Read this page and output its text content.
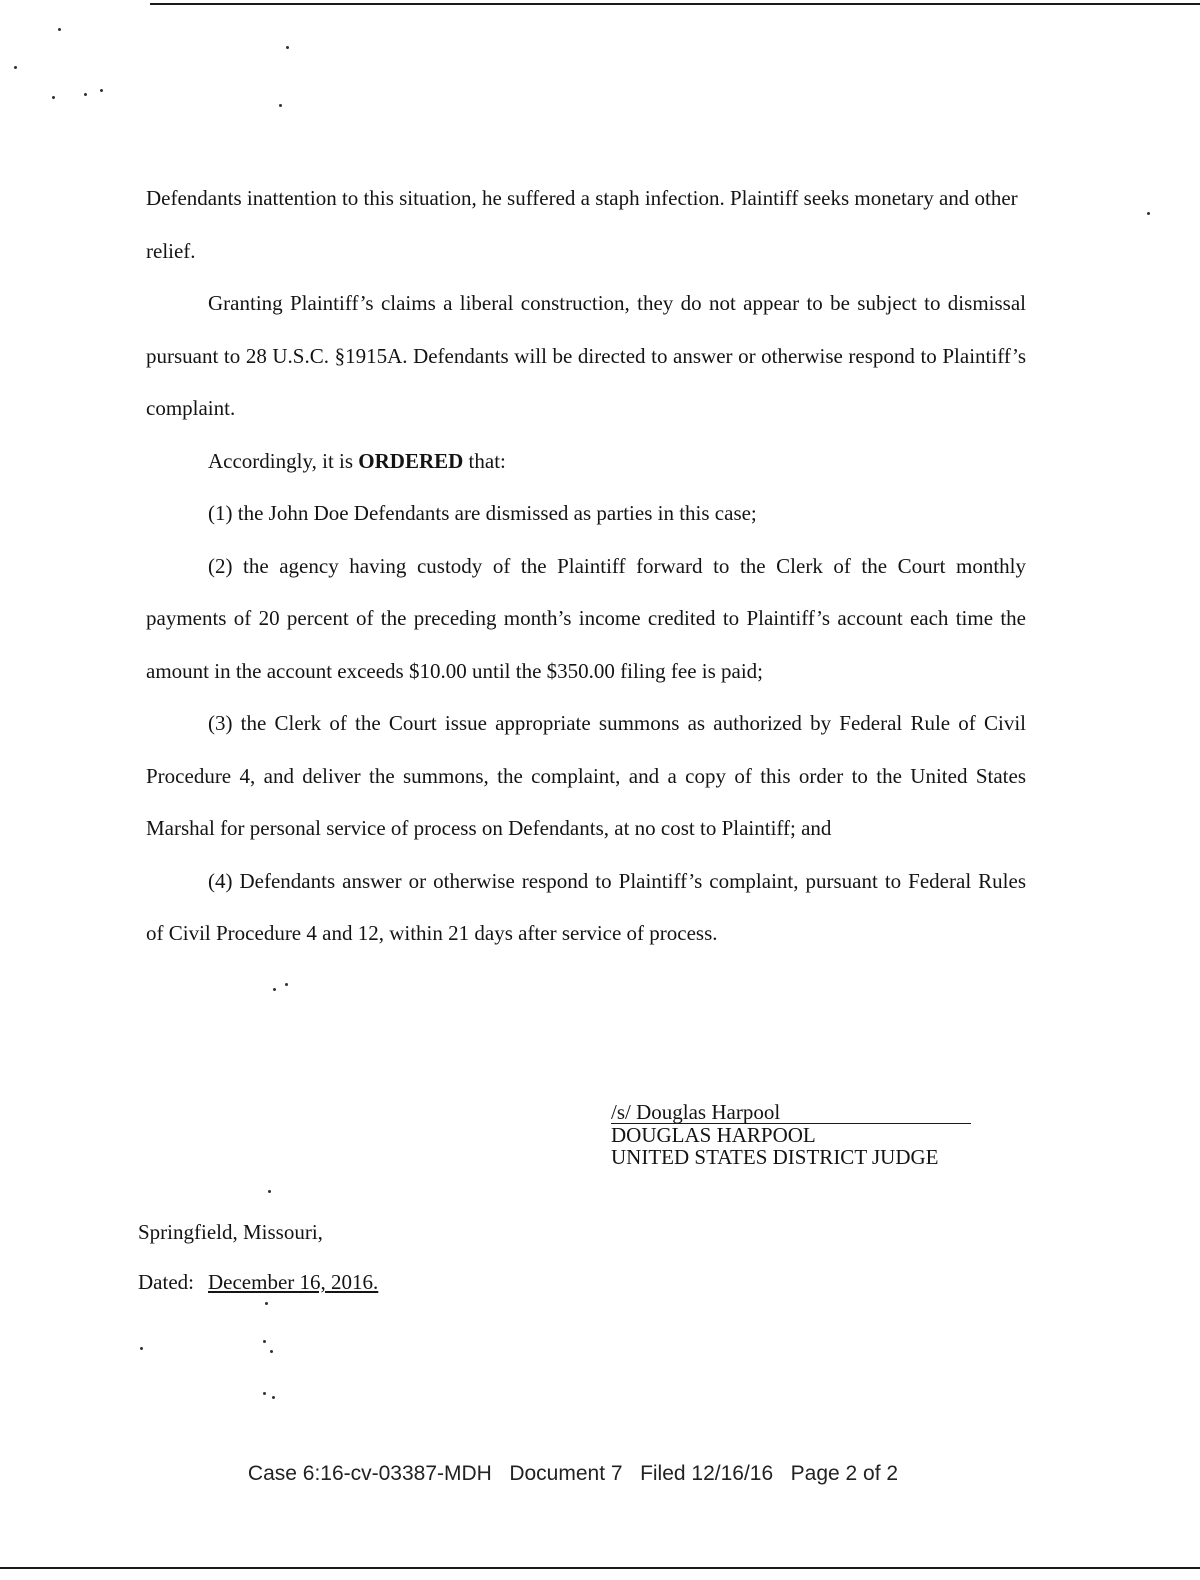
Defendants inattention to this situation, he suffered a staph infection. Plaintiff seeks monetary and other relief.

Granting Plaintiff’s claims a liberal construction, they do not appear to be subject to dismissal pursuant to 28 U.S.C. §1915A. Defendants will be directed to answer or otherwise respond to Plaintiff’s complaint.

Accordingly, it is ORDERED that:

(1) the John Doe Defendants are dismissed as parties in this case;

(2) the agency having custody of the Plaintiff forward to the Clerk of the Court monthly payments of 20 percent of the preceding month’s income credited to Plaintiff’s account each time the amount in the account exceeds $10.00 until the $350.00 filing fee is paid;

(3) the Clerk of the Court issue appropriate summons as authorized by Federal Rule of Civil Procedure 4, and deliver the summons, the complaint, and a copy of this order to the United States Marshal for personal service of process on Defendants, at no cost to Plaintiff; and

(4) Defendants answer or otherwise respond to Plaintiff’s complaint, pursuant to Federal Rules of Civil Procedure 4 and 12, within 21 days after service of process.

/s/ Douglas Harpool
DOUGLAS HARPOOL
UNITED STATES DISTRICT JUDGE
Springfield, Missouri,
Dated: December 16, 2016.
Case 6:16-cv-03387-MDH   Document 7   Filed 12/16/16   Page 2 of 2
